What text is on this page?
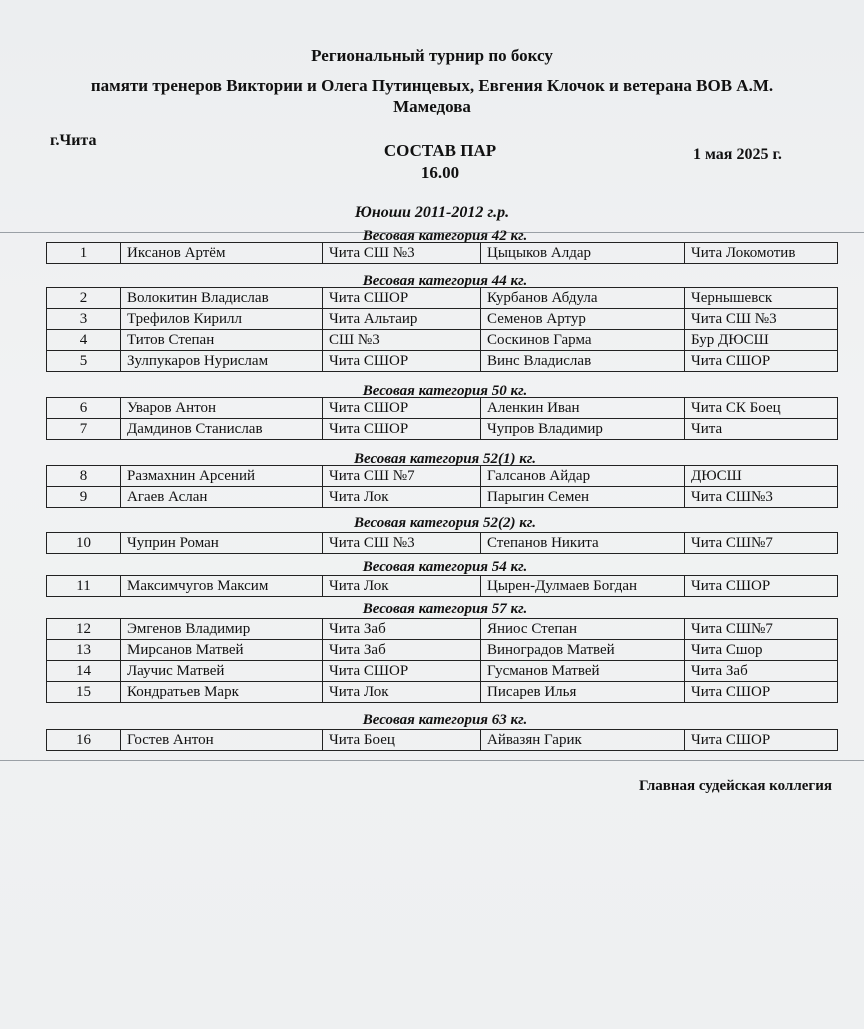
Региональный турнир по боксу
памяти тренеров Виктории и Олега Путинцевых, Евгения Клочок и ветерана ВОВ А.М.
Мамедова
г.Чита
СОСТАВ ПАР
16.00
1 мая 2025 г.
Юноши 2011-2012 г.р.
Весовая категория 42 кг.
1	Иксанов Артём	Чита СШ №3	Цыцыков Алдар	Чита Локомотив
Весовая категория 44 кг.
2	Волокитин Владислав	Чита СШОР	Курбанов Абдула	Чернышевск
3	Трефилов Кирилл	Чита Альтаир	Семенов Артур	Чита СШ №3
4	Титов Степан	СШ №3	Соскинов Гарма	Бур ДЮСШ
5	Зулпукаров Нурислам	Чита СШОР	Винс Владислав	Чита СШОР
Весовая категория 50 кг.
6	Уваров Антон	Чита СШОР	Аленкин Иван	Чита СК Боец
7	Дамдинов Станислав	Чита СШОР	Чупров Владимир	Чита
Весовая категория 52(1) кг.
8	Размахнин Арсений	Чита СШ №7	Галсанов Айдар	ДЮСШ
9	Агаев Аслан	Чита Лок	Парыгин Семен	Чита СШ№3
Весовая категория 52(2) кг.
10	Чуприн Роман	Чита СШ №3	Степанов Никита	Чита СШ№7
Весовая категория 54 кг.
11	Максимчугов Максим	Чита Лок	Цырен-Дулмаев Богдан	Чита СШОР
Весовая категория 57 кг.
12	Эмгенов Владимир	Чита Заб	Яниос Степан	Чита СШ№7
13	Мирсанов Матвей	Чита Заб	Виноградов Матвей	Чита Сшор
14	Лаучис Матвей	Чита СШОР	Гусманов Матвей	Чита Заб
15	Кондратьев Марк	Чита Лок	Писарев Илья	Чита СШОР
Весовая категория 63 кг.
16	Гостев Антон	Чита Боец	Айвазян Гарик	Чита СШОР
Главная судейская коллегия
